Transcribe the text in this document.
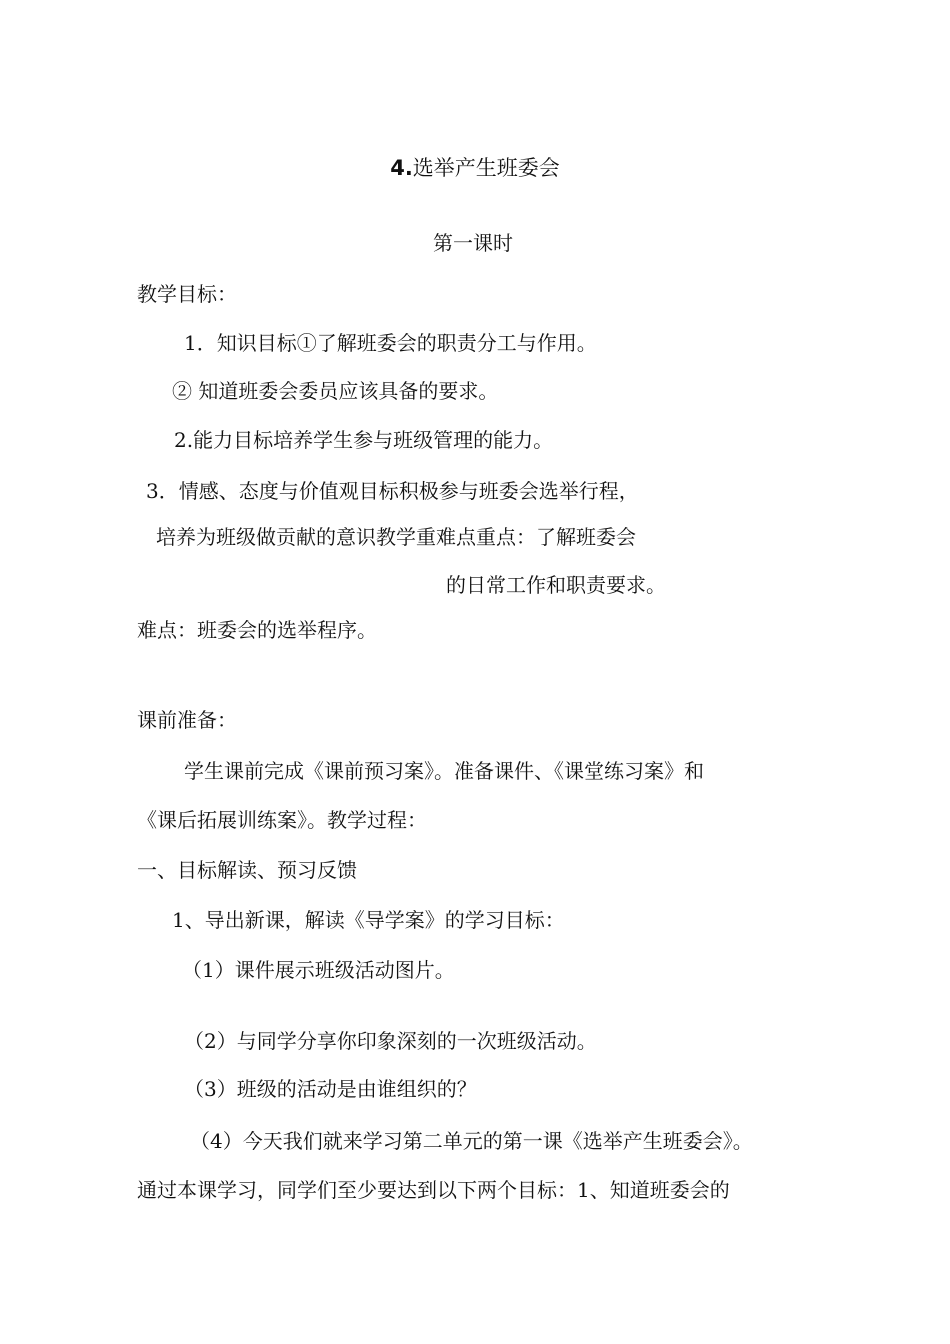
4.选举产生班委会
第一课时
教学目标：
1．知识目标①了解班委会的职责分工与作用。
② 知道班委会委员应该具备的要求。
2.能力目标培养学生参与班级管理的能力。
3．情感、态度与价值观目标积极参与班委会选举行程，
培养为班级做贡献的意识教学重难点重点：了解班委会
的日常工作和职责要求。
难点：班委会的选举程序。
课前准备：
学生课前完成《课前预习案》。准备课件、《课堂练习案》和
《课后拓展训练案》。教学过程：
一、目标解读、预习反馈
1、导出新课，解读《导学案》的学习目标：
（1）课件展示班级活动图片。
（2）与同学分享你印象深刻的一次班级活动。
（3）班级的活动是由谁组织的？
（4）今天我们就来学习第二单元的第一课《选举产生班委会》。
通过本课学习，同学们至少要达到以下两个目标：1、知道班委会的
